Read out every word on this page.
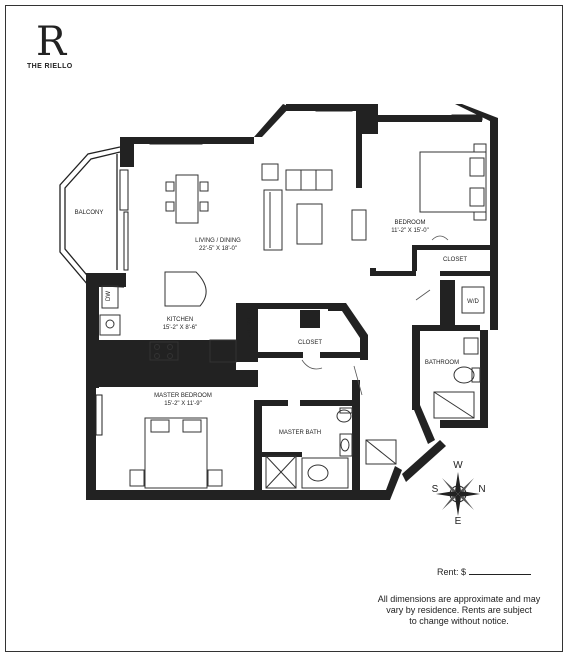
R
THE RIELLO
BALCONY
LIVING / DINING
22'-5" X 18'-0"
BEDROOM
11'-2" X 15'-0"
CLOSET
W/D
BATHROOM
KITCHEN
15'-2" X 8'-6"
DW
PANTRY
CLOSET
MASTER BEDROOM
15'-2" X 11'-9"
MASTER BATH
W
S	N
E
Rent: $
All dimensions are approximate and may
vary by residence. Rents are subject
to change without notice.
